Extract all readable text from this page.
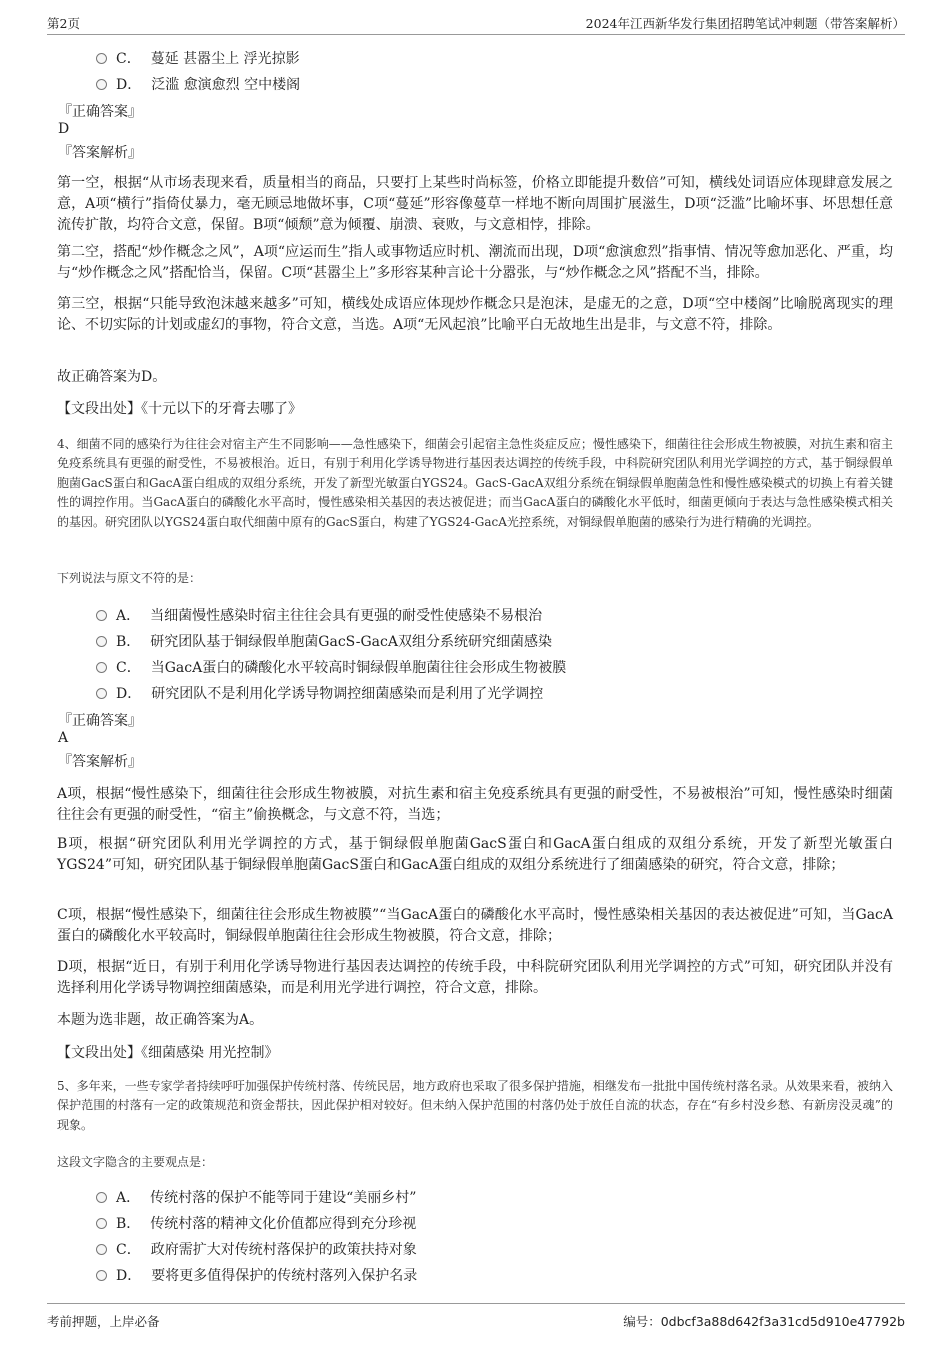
第2页	2024年江西新华发行集团招聘笔试冲刺题（带答案解析）
C． 蔓延 甚嚣尘上 浮光掠影
D． 泛滥 愈演愈烈 空中楼阁
『正确答案』
D
『答案解析』
第一空，根据“从市场表现来看，质量相当的商品，只要打上某些时尚标签，价格立即能提升数倍”可知，横线处词语应体现肆意发展之意，A项“横行”指倚仗暴力，毫无顾忌地做坏事，C项“蔓延”形容像蔓草一样地不断向周围扩展滋生，D项“泛滥”比喻坏事、坏思想任意流传扩散，均符合文意，保留。B项“倾颓”意为倾覆、崩溃、衰败，与文意相悖，排除。
第二空，搭配“炒作概念之风”，A项“应运而生”指人或事物适应时机、潮流而出现，D项“愈演愈烈”指事情、情况等愈加恶化、严重，均与“炒作概念之风”搭配恰当，保留。C项“甚嚣尘上”多形容某种言论十分嚣张，与“炒作概念之风”搭配不当，排除。
第三空，根据“只能导致泡沫越来越多”可知，横线处成语应体现炒作概念只是泡沫，是虚无的之意，D项“空中楼阁”比喻脱离现实的理论、不切实际的计划或虚幻的事物，符合文意，当选。A项“无风起浪”比喻平白无故地生出是非，与文意不符，排除。
故正确答案为D。
【文段出处】《十元以下的牙膏去哪了》
4、细菌不同的感染行为往往会对宿主产生不同影响——急性感染下，细菌会引起宿主急性炎症反应；慢性感染下，细菌往往会形成生物被膜，对抗生素和宿主免疫系统具有更强的耐受性，不易被根治。近日，有别于利用化学诱导物进行基因表达调控的传统手段，中科院研究团队利用光学调控的方式，基于铜绿假单胞菌GacS蛋白和GacA蛋白组成的双组分系统，开发了新型光敏蛋白YGS24。GacS-GacA双组分系统在铜绿假单胞菌急性和慢性感染模式的切换上有着关键性的调控作用。当GacA蛋白的磷酸化水平高时，慢性感染相关基因的表达被促进；而当GacA蛋白的磷酸化水平低时，细菌更倾向于表达与急性感染模式相关的基因。研究团队以YGS24蛋白取代细菌中原有的GacS蛋白，构建了YGS24-GacA光控系统，对铜绿假单胞菌的感染行为进行精确的光调控。
下列说法与原文不符的是：
A． 当细菌慢性感染时宿主往往会具有更强的耐受性使感染不易根治
B． 研究团队基于铜绿假单胞菌GacS-GacA双组分系统研究细菌感染
C． 当GacA蛋白的磷酸化水平较高时铜绿假单胞菌往往会形成生物被膜
D． 研究团队不是利用化学诱导物调控细菌感染而是利用了光学调控
『正确答案』
A
『答案解析』
A项，根据“慢性感染下，细菌往往会形成生物被膜，对抗生素和宿主免疫系统具有更强的耐受性，不易被根治”可知，慢性感染时细菌往往会有更强的耐受性，“宿主”偷换概念，与文意不符，当选；
B项，根据“研究团队利用光学调控的方式，基于铜绿假单胞菌GacS蛋白和GacA蛋白组成的双组分系统，开发了新型光敏蛋白YGS24”可知，研究团队基于铜绿假单胞菌GacS蛋白和GacA蛋白组成的双组分系统进行了细菌感染的研究，符合文意，排除；
C项，根据“慢性感染下，细菌往往会形成生物被膜”“当GacA蛋白的磷酸化水平高时，慢性感染相关基因的表达被促进”可知，当GacA蛋白的磷酸化水平较高时，铜绿假单胞菌往往会形成生物被膜，符合文意，排除；
D项，根据“近日，有别于利用化学诱导物进行基因表达调控的传统手段，中科院研究团队利用光学调控的方式”可知，研究团队并没有选择利用化学诱导物调控细菌感染，而是利用光学进行调控，符合文意，排除。
本题为选非题，故正确答案为A。
【文段出处】《细菌感染 用光控制》
5、多年来，一些专家学者持续呼吁加强保护传统村落、传统民居，地方政府也采取了很多保护措施，相继发布一批批中国传统村落名录。从效果来看，被纳入保护范围的村落有一定的政策规范和资金帮扶，因此保护相对较好。但未纳入保护范围的村落仍处于放任自流的状态，存在“有乡村没乡愁、有新房没灵魂”的现象。
这段文字隐含的主要观点是：
A． 传统村落的保护不能等同于建设“美丽乡村”
B． 传统村落的精神文化价值都应得到充分珍视
C． 政府需扩大对传统村落保护的政策扶持对象
D． 要将更多值得保护的传统村落列入保护名录
考前押题，上岸必备	编号：0dbcf3a88d642f3a31cd5d910e47792b
